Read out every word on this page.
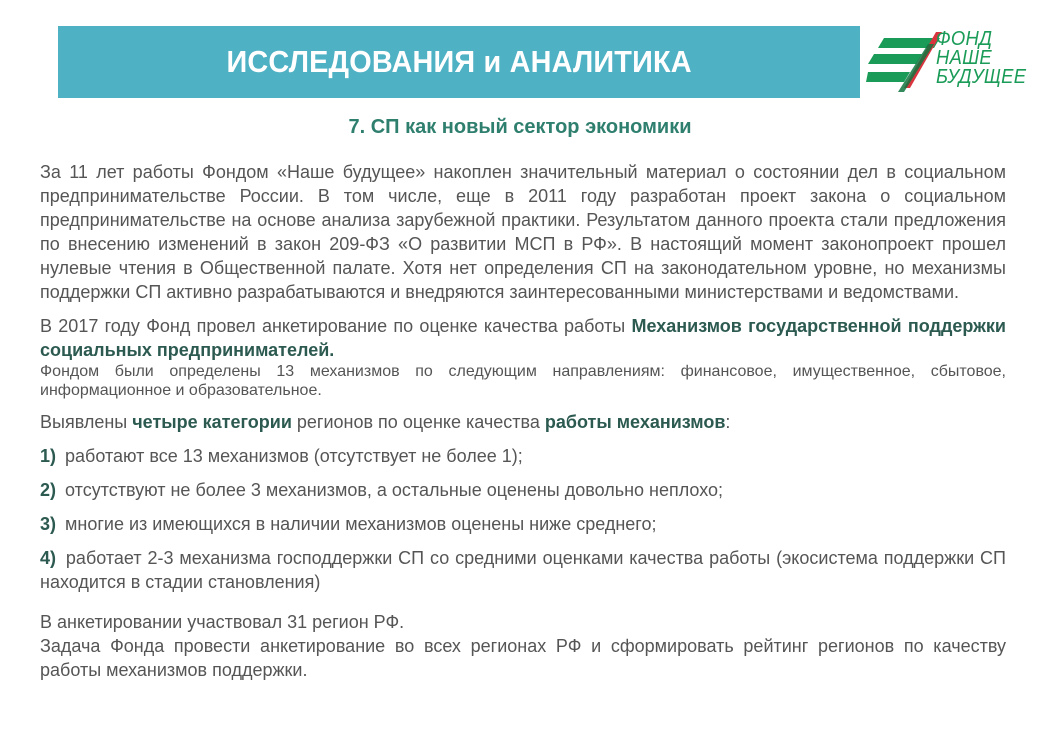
ИССЛЕДОВАНИЯ и АНАЛИТИКА
ФОНД
НАШЕ
БУДУЩЕЕ
7. СП как новый сектор экономики

За 11 лет работы Фондом «Наше будущее» накоплен значительный материал о состоянии дел в социальном предпринимательстве России. В том числе, еще в 2011 году разработан проект закона о социальном предпринимательстве на основе анализа зарубежной практики. Результатом данного проекта стали предложения по внесению изменений в закон 209-ФЗ «О развитии МСП в РФ». В настоящий момент законопроект прошел нулевые чтения в Общественной палате. Хотя нет определения СП на законодательном уровне, но механизмы поддержки СП активно разрабатываются и внедряются заинтересованными министерствами и ведомствами.

В 2017 году Фонд провел анкетирование по оценке качества работы Механизмов государственной поддержки социальных предпринимателей.

Фондом были определены 13 механизмов по следующим направлениям: финансовое, имущественное, сбытовое, информационное и образовательное.

Выявлены четыре категории регионов по оценке качества работы механизмов:

1) работают все 13 механизмов (отсутствует не более 1);

2) отсутствуют не более 3 механизмов, а остальные оценены довольно неплохо;

3) многие из имеющихся в наличии механизмов оценены ниже среднего;

4) работает 2-3 механизма господдержки СП со средними оценками качества работы (экосистема поддержки СП находится в стадии становления)

В анкетировании участвовал 31 регион РФ.

Задача Фонда провести анкетирование во всех регионах РФ и сформировать рейтинг регионов по качеству работы механизмов поддержки.
